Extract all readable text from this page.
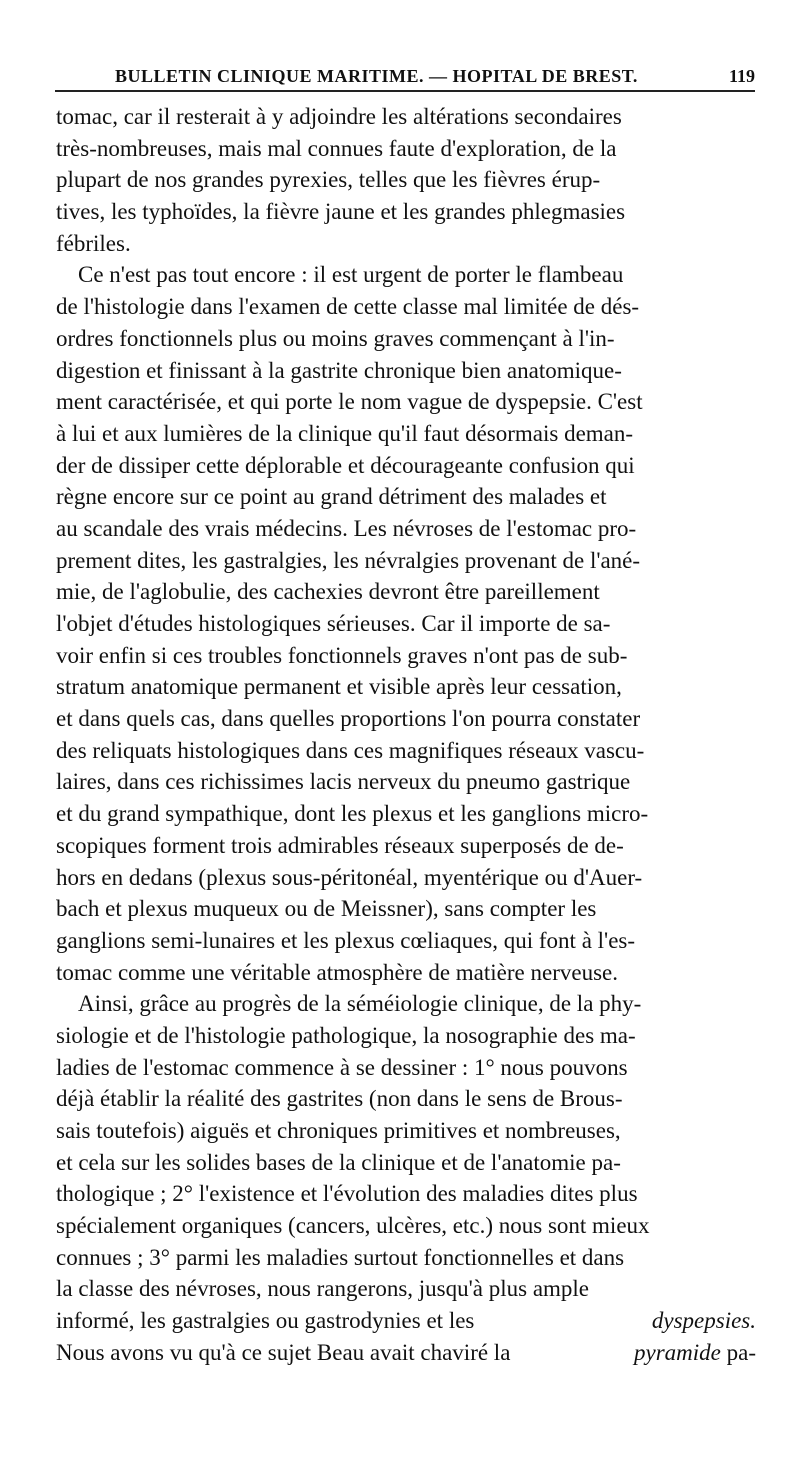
BULLETIN CLINIQUE MARITIME. — HOPITAL DE BREST.	119
tomac, car il resterait à y adjoindre les altérations secondaires
très-nombreuses, mais mal connues faute d'exploration, de la
plupart de nos grandes pyrexies, telles que les fièvres érup-
tives, les typhoïdes, la fièvre jaune et les grandes phlegmasies
fébriles.
Ce n'est pas tout encore : il est urgent de porter le flambeau
de l'histologie dans l'examen de cette classe mal limitée de dés-
ordres fonctionnels plus ou moins graves commençant à l'in-
digestion et finissant à la gastrite chronique bien anatomique-
ment caractérisée, et qui porte le nom vague de dyspepsie. C'est
à lui et aux lumières de la clinique qu'il faut désormais deman-
der de dissiper cette déplorable et décourageante confusion qui
règne encore sur ce point au grand détriment des malades et
au scandale des vrais médecins. Les névroses de l'estomac pro-
prement dites, les gastralgies, les névralgies provenant de l'ané-
mie, de l'aglobulie, des cachexies devront être pareillement
l'objet d'études histologiques sérieuses. Car il importe de sa-
voir enfin si ces troubles fonctionnels graves n'ont pas de sub-
stratum anatomique permanent et visible après leur cessation,
et dans quels cas, dans quelles proportions l'on pourra constater
des reliquats histologiques dans ces magnifiques réseaux vascu-
laires, dans ces richissimes lacis nerveux du pneumo gastrique
et du grand sympathique, dont les plexus et les ganglions micro-
scopiques forment trois admirables réseaux superposés de de-
hors en dedans (plexus sous-péritonéal, myentérique ou d'Auer-
bach et plexus muqueux ou de Meissner), sans compter les
ganglions semi-lunaires et les plexus cœliaques, qui font à l'es-
tomac comme une véritable atmosphère de matière nerveuse.
Ainsi, grâce au progrès de la séméiologie clinique, de la phy-
siologie et de l'histologie pathologique, la nosographie des ma-
ladies de l'estomac commence à se dessiner : 1° nous pouvons
déjà établir la réalité des gastrites (non dans le sens de Brous-
sais toutefois) aiguës et chroniques primitives et nombreuses,
et cela sur les solides bases de la clinique et de l'anatomie pa-
thologique ; 2° l'existence et l'évolution des maladies dites plus
spécialement organiques (cancers, ulcères, etc.) nous sont mieux
connues ; 3° parmi les maladies surtout fonctionnelles et dans
la classe des névroses, nous rangerons, jusqu'à plus ample
informé, les gastralgies ou gastrodynies et les	dyspepsies.
Nous avons vu qu'à ce sujet Beau avait chaviré la	pyramide pa-
